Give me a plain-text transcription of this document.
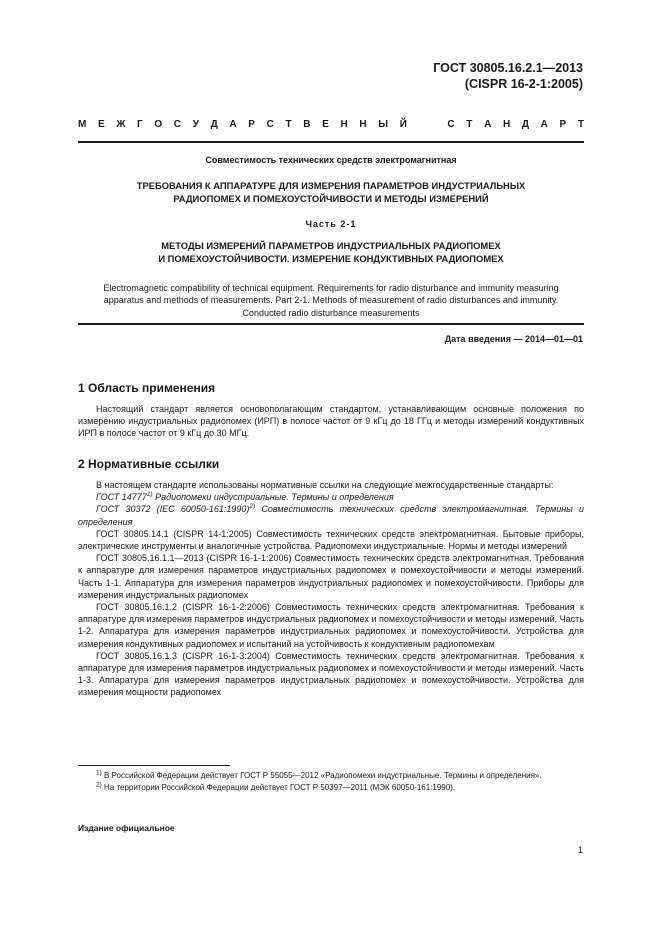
ГОСТ 30805.16.2.1—2013
(CISPR 16-2-1:2005)
М Е Ж Г О С У Д А Р С Т В Е Н Н Ы Й

	С Т А Н Д А Р Т
Совместимость технических средств электромагнитная
ТРЕБОВАНИЯ К АППАРАТУРЕ ДЛЯ ИЗМЕРЕНИЯ ПАРАМЕТРОВ ИНДУСТРИАЛЬНЫХ
РАДИОПОМЕХ И ПОМЕХОУСТОЙЧИВОСТИ И МЕТОДЫ ИЗМЕРЕНИЙ
Часть 2-1
МЕТОДЫ ИЗМЕРЕНИЙ ПАРАМЕТРОВ ИНДУСТРИАЛЬНЫХ РАДИОПОМЕХ
И ПОМЕХОУСТОЙЧИВОСТИ. ИЗМЕРЕНИЕ КОНДУКТИВНЫХ РАДИОПОМЕХ
Electromagnetic compatibility of technical equipment. Requirements for radio disturbance and immunity measuring
apparatus and methods of measurements. Part 2-1. Methods of measurement of radio disturbances and immunity.
Conducted radio disturbance measurements
Дата введения — 2014—01—01
1 Область применения

Настоящий стандарт является основополагающим стандартом, устанавливающим основные положения по измерению индустриальных радиопомех (ИРП) в полосе частот от 9 кГц до 18 ГГц и методы измерений кондуктивных ИРП в полосе частот от 9 кГц до 30 МГц.

2 Нормативные ссылки

В настоящем стандарте использованы нормативные ссылки на следующие межгосударственные стандарты:

ГОСТ 14777$^{1)}$ Радиопомехи индустриальные. Термины и определения

ГОСТ 30372 (IEC 60050-161:1990)$^{2)}$ Совместимость технических средств электромагнитная. Термины и определения

ГОСТ 30805.14.1 (CISPR 14-1:2005) Совместимость технических средств электромагнитная. Бытовые приборы, электрические инструменты и аналогичные устройства. Радиопомехи индустриальные. Нормы и методы измерений

ГОСТ 30805.16.1.1—2013 (CISPR 16-1-1:2006) Совместимость технических средств электромагнитная. Требования к аппаратуре для измерения параметров индустриальных радиопомех и помехоустойчивости и методы измерений. Часть 1-1. Аппаратура для измерения параметров индустриальных радиопомех и помехоустойчивости. Приборы для измерения индустриальных радиопомех

ГОСТ 30805.16.1.2 (CISPR 16-1-2:2006) Совместимость технических средств электромагнитная. Требования к аппаратуре для измерения параметров индустриальных радиопомех и помехоустойчивости и методы измерений. Часть 1-2. Аппаратура для измерения параметров индустриальных радиопомех и помехоустойчивости. Устройства для измерения кондуктивных радиопомех и испытаний на устойчивость к кондуктивным радиопомехам

ГОСТ 30805.16.1.3 (CISPR 16-1-3:2004) Совместимость технических средств электромагнитная. Требования к аппаратуре для измерения параметров индустриальных радиопомех и помехоустойчивости и методы измерений. Часть 1-3. Аппаратура для измерения параметров индустриальных радиопомех и помехоустойчивости. Устройства для измерения мощности радиопомех

$^{1)}$ В Российской Федерации действует ГОСТ Р 55055—2012 «Радиопомехи индустриальные. Термины и определения».

$^{2)}$ На территории Российской Федерации действует ГОСТ Р 50397—2011 (МЭК 60050-161:1990).

Издание официальное
1
